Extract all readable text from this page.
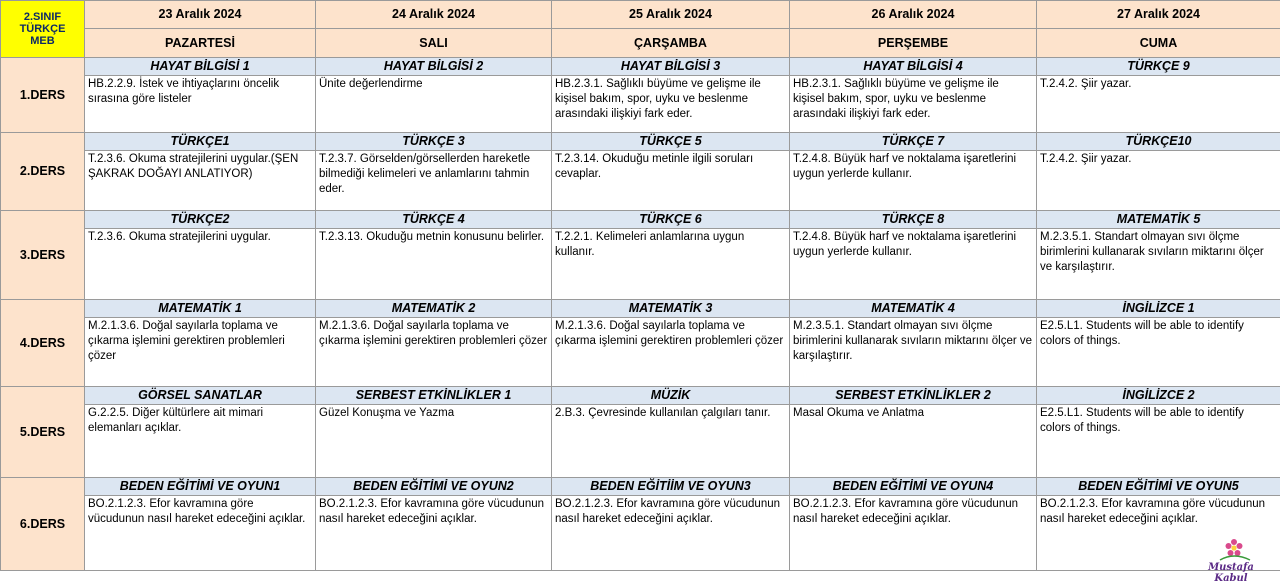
2.SINIF
TÜRKÇE
MEB	23 Aralık 2024	24 Aralık 2024	25 Aralık 2024	26 Aralık 2024	27 Aralık 2024
	PAZARTESİ	SALI	ÇARŞAMBA	PERŞEMBE	CUMA
1.DERS	HAYAT BİLGİSİ 1	HAYAT BİLGİSİ 2	HAYAT BİLGİSİ 3	HAYAT BİLGİSİ 4	TÜRKÇE 9
	HB.2.2.9. İstek ve ihtiyaçlarını öncelik sırasına göre listeler	Ünite değerlendirme	HB.2.3.1. Sağlıklı büyüme ve gelişme ile kişisel bakım, spor, uyku ve beslenme arasındaki ilişkiyi fark eder.	HB.2.3.1. Sağlıklı büyüme ve gelişme ile kişisel bakım, spor, uyku ve beslenme arasındaki ilişkiyi fark eder.	T.2.4.2. Şiir yazar.
2.DERS	TÜRKÇE1	TÜRKÇE 3	TÜRKÇE 5	TÜRKÇE 7	TÜRKÇE10
	T.2.3.6. Okuma stratejilerini uygular.(ŞEN ŞAKRAK DOĞAYI ANLATIYOR)	T.2.3.7. Görselden/görsellerden hareketle bilmediği kelimeleri ve anlamlarını tahmin eder.	T.2.3.14. Okuduğu metinle ilgili soruları cevaplar.	T.2.4.8. Büyük harf ve noktalama işaretlerini uygun yerlerde kullanır.	T.2.4.2. Şiir yazar.
3.DERS	TÜRKÇE2	TÜRKÇE 4	TÜRKÇE 6	TÜRKÇE 8	MATEMATİK 5
	T.2.3.6. Okuma stratejilerini uygular.	T.2.3.13. Okuduğu metnin konusunu belirler.	T.2.2.1. Kelimeleri anlamlarına uygun kullanır.	T.2.4.8. Büyük harf ve noktalama işaretlerini uygun yerlerde kullanır.	M.2.3.5.1. Standart olmayan sıvı ölçme birimlerini kullanarak sıvıların miktarını ölçer ve karşılaştırır.
4.DERS	MATEMATİK 1	MATEMATİK 2	MATEMATİK 3	MATEMATİK 4	İNGİLİZCE 1
	M.2.1.3.6. Doğal sayılarla toplama ve çıkarma işlemini gerektiren problemleri çözer	M.2.1.3.6. Doğal sayılarla toplama ve çıkarma işlemini gerektiren problemleri çözer	M.2.1.3.6. Doğal sayılarla toplama ve çıkarma işlemini gerektiren problemleri çözer	M.2.3.5.1. Standart olmayan sıvı ölçme birimlerini kullanarak sıvıların miktarını ölçer ve karşılaştırır.	E2.5.L1. Students will be able to identify colors of things.
5.DERS	GÖRSEL SANATLAR	SERBEST ETKİNLİKLER 1	MÜZİK	SERBEST ETKİNLİKLER 2	İNGİLİZCE 2
	G.2.2.5. Diğer kültürlere ait mimari elemanları açıklar.	Güzel Konuşma ve Yazma	2.B.3. Çevresinde kullanılan çalgıları tanır.	Masal Okuma ve Anlatma	E2.5.L1. Students will be able to identify colors of things.
6.DERS	BEDEN EĞİTİMİ VE OYUN1	BEDEN EĞİTİMİ VE OYUN2	BEDEN EĞİTİİM VE OYUN3	BEDEN EĞİTİMİ VE OYUN4	BEDEN EĞİTİMİ VE OYUN5
	BO.2.1.2.3. Efor kavramına göre vücudunun nasıl hareket edeceğini açıklar.	BO.2.1.2.3. Efor kavramına göre vücudunun nasıl hareket edeceğini açıklar.	BO.2.1.2.3. Efor kavramına göre vücudunun nasıl hareket edeceğini açıklar.	BO.2.1.2.3. Efor kavramına göre vücudunun nasıl hareket edeceğini açıklar.	BO.2.1.2.3. Efor kavramına göre vücudunun nasıl hareket edeceğini açıklar.
Mustafa Kabul
